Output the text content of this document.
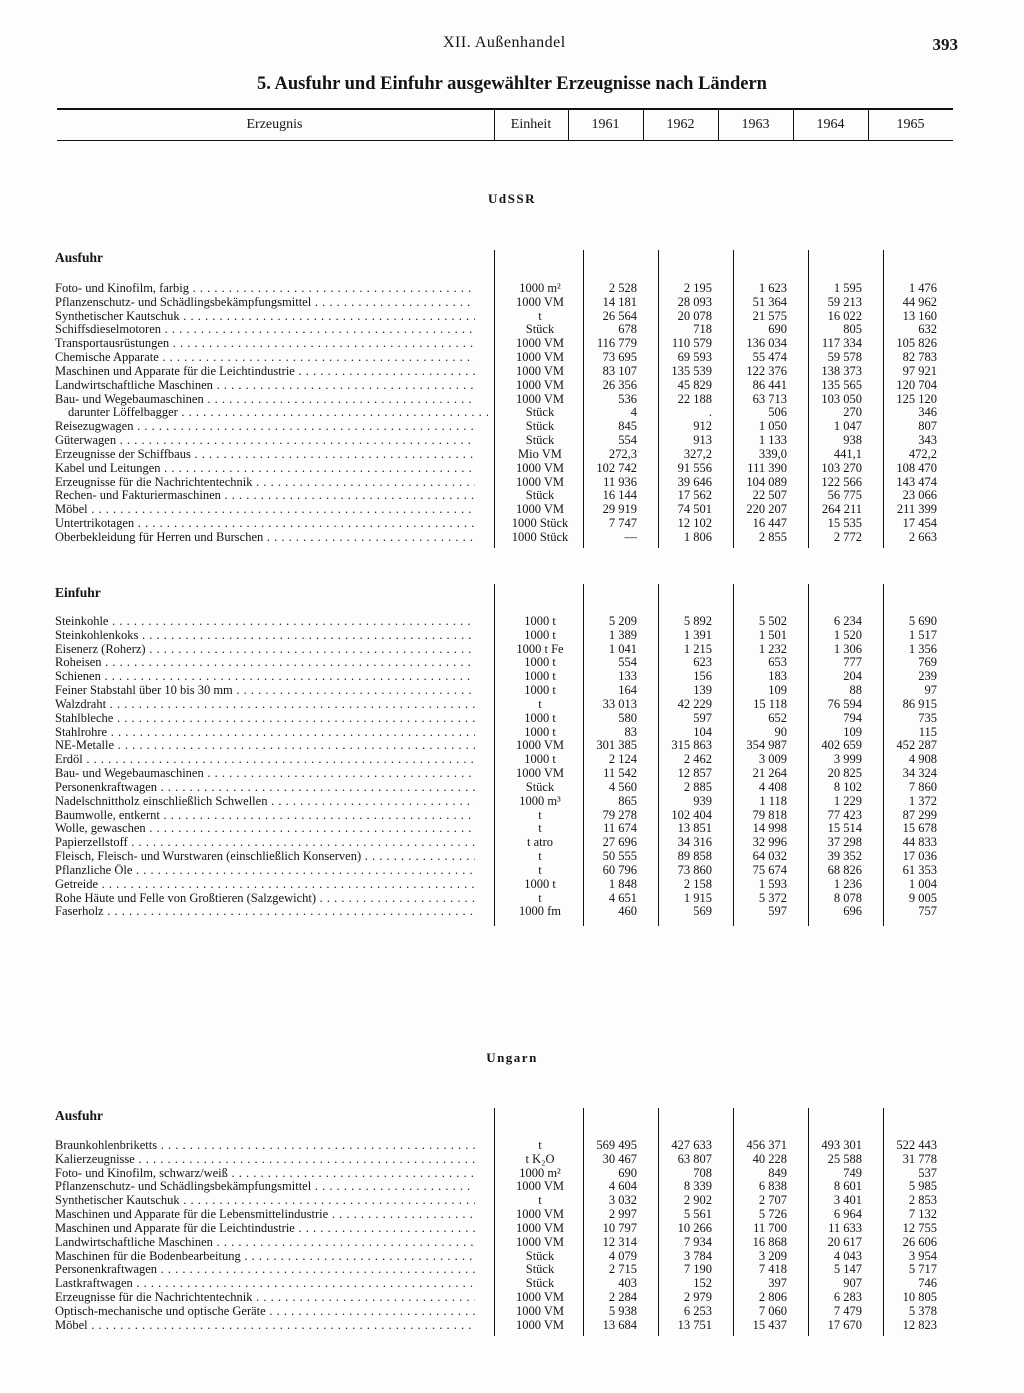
XII. Außenhandel	393
5. Ausfuhr und Einfuhr ausgewählter Erzeugnisse nach Ländern
Erzeugnis	Einheit	1961	1962	1963	1964	1965
UdSSR
Ausfuhr
Foto- und Kinofilm, farbig . . .	1000 m²	2 528	2 195	1 623	1 595	1 476
Pflanzenschutz- und Schädlingsbekämpfungsmittel . . .	1000 VM	14 181	28 093	51 364	59 213	44 962
Synthetischer Kautschuk . . .	t	26 564	20 078	21 575	16 022	13 160
Schiffsdieselmotoren . . .	Stück	678	718	690	805	632
Transportausrüstungen . . .	1000 VM	116 779	110 579	136 034	117 334	105 826
Chemische Apparate . . .	1000 VM	73 695	69 593	55 474	59 578	82 783
Maschinen und Apparate für die Leichtindustrie . . .	1000 VM	83 107	135 539	122 376	138 373	97 921
Landwirtschaftliche Maschinen . . .	1000 VM	26 356	45 829	86 441	135 565	120 704
Bau- und Wegebaumaschinen . . .	1000 VM	536	22 188	63 713	103 050	125 120
darunter Löffelbagger . . .	Stück	4	.	506	270	346
Reisezugwagen . . .	Stück	845	912	1 050	1 047	807
Güterwagen . . .	Stück	554	913	1 133	938	343
Erzeugnisse der Schiffbaus . . .	Mio VM	272,3	327,2	339,0	441,1	472,2
Kabel und Leitungen . . .	1000 VM	102 742	91 556	111 390	103 270	108 470
Erzeugnisse für die Nachrichtentechnik . . .	1000 VM	11 936	39 646	104 089	122 566	143 474
Rechen- und Fakturiermaschinen . . .	Stück	16 144	17 562	22 507	56 775	23 066
Möbel . . .	1000 VM	29 919	74 501	220 207	264 211	211 399
Untertrikotagen . . .	1000 Stück	7 747	12 102	16 447	15 535	17 454
Oberbekleidung für Herren und Burschen . . .	1000 Stück	—	1 806	2 855	2 772	2 663
Einfuhr
Steinkohle . . .	1000 t	5 209	5 892	5 502	6 234	5 690
Steinkohlenkoks . . .	1000 t	1 389	1 391	1 501	1 520	1 517
Eisenerz (Roherz) . . .	1000 t Fe	1 041	1 215	1 232	1 306	1 356
Roheisen . . .	1000 t	554	623	653	777	769
Schienen . . .	1000 t	133	156	183	204	239
Feiner Stabstahl über 10 bis 30 mm . . .	1000 t	164	139	109	88	97
Walzdraht . . .	t	33 013	42 229	15 118	76 594	86 915
Stahlbleche . . .	1000 t	580	597	652	794	735
Stahlrohre . . .	1000 t	83	104	90	109	115
NE-Metalle . . .	1000 VM	301 385	315 863	354 987	402 659	452 287
Erdöl . . .	1000 t	2 124	2 462	3 009	3 999	4 908
Bau- und Wegebaumaschinen . . .	1000 VM	11 542	12 857	21 264	20 825	34 324
Personenkraftwagen . . .	Stück	4 560	2 885	4 408	8 102	7 860
Nadelschnittholz einschließlich Schwellen . . .	1000 m³	865	939	1 118	1 229	1 372
Baumwolle, entkernt . . .	t	79 278	102 404	79 818	77 423	87 299
Wolle, gewaschen . . .	t	11 674	13 851	14 998	15 514	15 678
Papierzellstoff . . .	t atro	27 696	34 316	32 996	37 298	44 833
Fleisch, Fleisch- und Wurstwaren (einschließlich Konserven) . . .	t	50 555	89 858	64 032	39 352	17 036
Pflanzliche Öle . . .	t	60 796	73 860	75 674	68 826	61 353
Getreide . . .	1000 t	1 848	2 158	1 593	1 236	1 004
Rohe Häute und Felle von Großtieren (Salzgewicht) . . .	t	4 651	1 915	5 372	8 078	9 005
Faserholz . . .	1000 fm	460	569	597	696	757
Ungarn
Ausfuhr
Braunkohlenbriketts . . .	t	569 495	427 633	456 371	493 301	522 443
Kalierzeugnisse . . .	t K₂O	30 467	63 807	40 228	25 588	31 778
Foto- und Kinofilm, schwarz/weiß . . .	1000 m²	690	708	849	749	537
Pflanzenschutz- und Schädlingsbekämpfungsmittel . . .	1000 VM	4 604	8 339	6 838	8 601	5 985
Synthetischer Kautschuk . . .	t	3 032	2 902	2 707	3 401	2 853
Maschinen und Apparate für die Lebensmittelindustrie . . .	1000 VM	2 997	5 561	5 726	6 964	7 132
Maschinen und Apparate für die Leichtindustrie . . .	1000 VM	10 797	10 266	11 700	11 633	12 755
Landwirtschaftliche Maschinen . . .	1000 VM	12 314	7 934	16 868	20 617	26 606
Maschinen für die Bodenbearbeitung . . .	Stück	4 079	3 784	3 209	4 043	3 954
Personenkraftwagen . . .	Stück	2 715	7 190	7 418	5 147	5 717
Lastkraftwagen . . .	Stück	403	152	397	907	746
Erzeugnisse für die Nachrichtentechnik . . .	1000 VM	2 284	2 979	2 806	6 283	10 805
Optisch-mechanische und optische Geräte . . .	1000 VM	5 938	6 253	7 060	7 479	5 378
Möbel . . .	1000 VM	13 684	13 751	15 437	17 670	12 823
